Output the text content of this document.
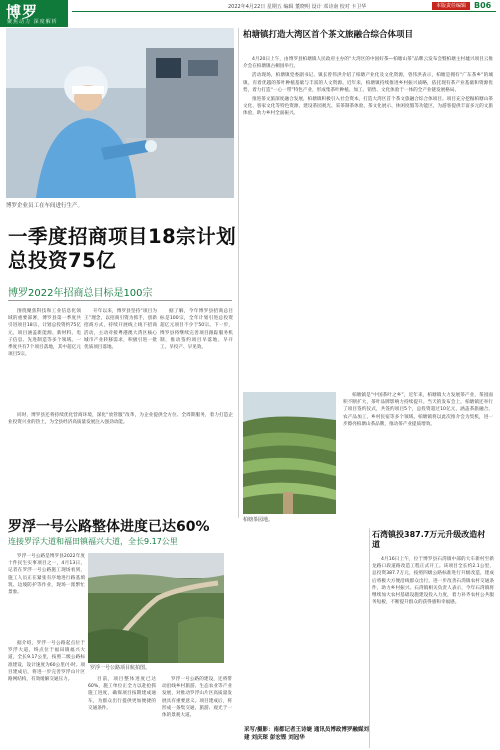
博罗
聚焦动力 深度解析
2022年4月22日 星期五 编辑 董晓明 设计 邓诗南 校对 卡卫华	本版责任编辑	B06
博罗企业员工在车间进行生产。
柏塘镇打造大湾区首个茶文旅融合综合体项目

4月20日上午，由博罗县柏塘镇人民政府主办的“大湾区的中国好茶—柏塘山茶”品牌云发布会暨柏塘主村墟兴项目云推介会在柏塘镇古桐园举行。

活动现场，柏塘镇党委副书记、镇长曾伟洪介绍了柏塘产业化及文化资源，曾伟洪表示，柏塘是拥有“广东茶乡”的城镇，有着优越的茶叶种植基础与丰富的人文资源。近年来，柏塘镇持续推进乡村振兴战略，依托现有茶产业基础和资源优势，着力打造“一心一带”特色产业，形成集茶叶种植、加工、销售、文化体验于一体的全产业链发展格局。

推进茶文旅深度融合发展，柏塘镇积极引入社会资本，打造大湾区首个茶文旅融合综合体项目。项目充分挖掘柏塘山茶文化、客家文化等特色资源，建设茶园观光、采茶制茶体验、茶文化展示、休闲度假等功能区，为游客提供丰富多元的文旅体验，助力乡村全面振兴。

一季度招商项目18宗计划总投资75亿
博罗2022年招商总目标是100宗

围绕聚焦科技和工业信息化领域的重要部署，博罗县第一季度共引进项目18宗，计划总投资约75亿元，项目涵盖新能源、新材料、电子信息、先进制造等多个领域。一季度共有7个项目落地，其中超亿元项目5宗。

开年以来，博罗县坚持“项目为王”理念，以招商引资为抓手，创新招商方式，持续开展线上线下招商活动，主动对接粤港澳大湾区核心城市产业转移需求，积极引进一批优质项目落地。

据了解，今年博罗县招商总目标是100宗，全年计划引进总投资超亿元项目不少于50宗。下一步，博罗县将继续完善项目跟踪服务机制，推动签约项目早落地、早开工、早投产、早见效。

同时，博罗县还将持续优化营商环境，深化“放管服”改革，为企业提供全方位、全周期服务，着力打造企业投资兴业的热土，为全县经济高质量发展注入强劲动能。

柏塘茶园地。

柏塘镇是“中国茶叶之乡”，近年来，柏塘镇大力发展茶产业，茶园面积不断扩大，茶叶品牌影响力持续提升。当天的发布会上，柏塘镇还举行了项目签约仪式，共签约项目5个，总投资超过10亿元，涵盖茶旅融合、农产品加工、乡村民宿等多个领域。柏塘镇将以此次推介会为契机，进一步擦亮柏塘山茶品牌，推动茶产业提质增效。

石湾镇投387.7万元升级改造村道

4月16日上午，位于博罗县石湾镇中部的大车新村至新龙路口段道路改造工程正式开工。该项目全长约2.1公里，总投资387.7万元，按照四级公路标准进行升级改造，建成后将极大方便沿线群众出行，进一步改善石湾镇农村交通条件，助力乡村振兴。石湾镇相关负责人表示，今年石湾镇将继续加大农村基础设施建设投入力度，着力补齐农村公共服务短板，不断提升群众的获得感和幸福感。

罗浮一号公路整体进度已达60%
连接罗浮大道和福田镇福兴大道，全长9.17公里

罗浮一号公路是博罗县2022年度十件民生实事项目之一，4月13日，记者在罗浮一号公路施工现场看到，施工人员正在紧张有序地进行路基填筑、边坡防护等作业，现场一派繁忙景象。

据介绍，罗浮一号公路起点位于罗浮大道，终点位于福田镇福兴大道，全长9.17公里，按照二级公路标准建设，设计速度为60公里/小时。项目建成后，将进一步完善罗浮山片区路网结构，有效缓解交通压力。

罗浮一号公路项目航拍图。

目前，项目整体进度已达60%，施工单位正全力以赴抢抓施工进度，确保项目按期建成通车，为群众出行提供更加便捷的交通条件。

罗浮一号公路的建设，还将带动沿线乡村旅游、生态农业等产业发展，对推动罗浮山片区高质量发展具有重要意义。项目建成后，将形成一条集交通、旅游、观光于一体的景观大道。

采写/摄影：南都记者王诗婕 通讯员博政博罗融媒刘建 刘庆琛 彭宏铿 刘冠华
